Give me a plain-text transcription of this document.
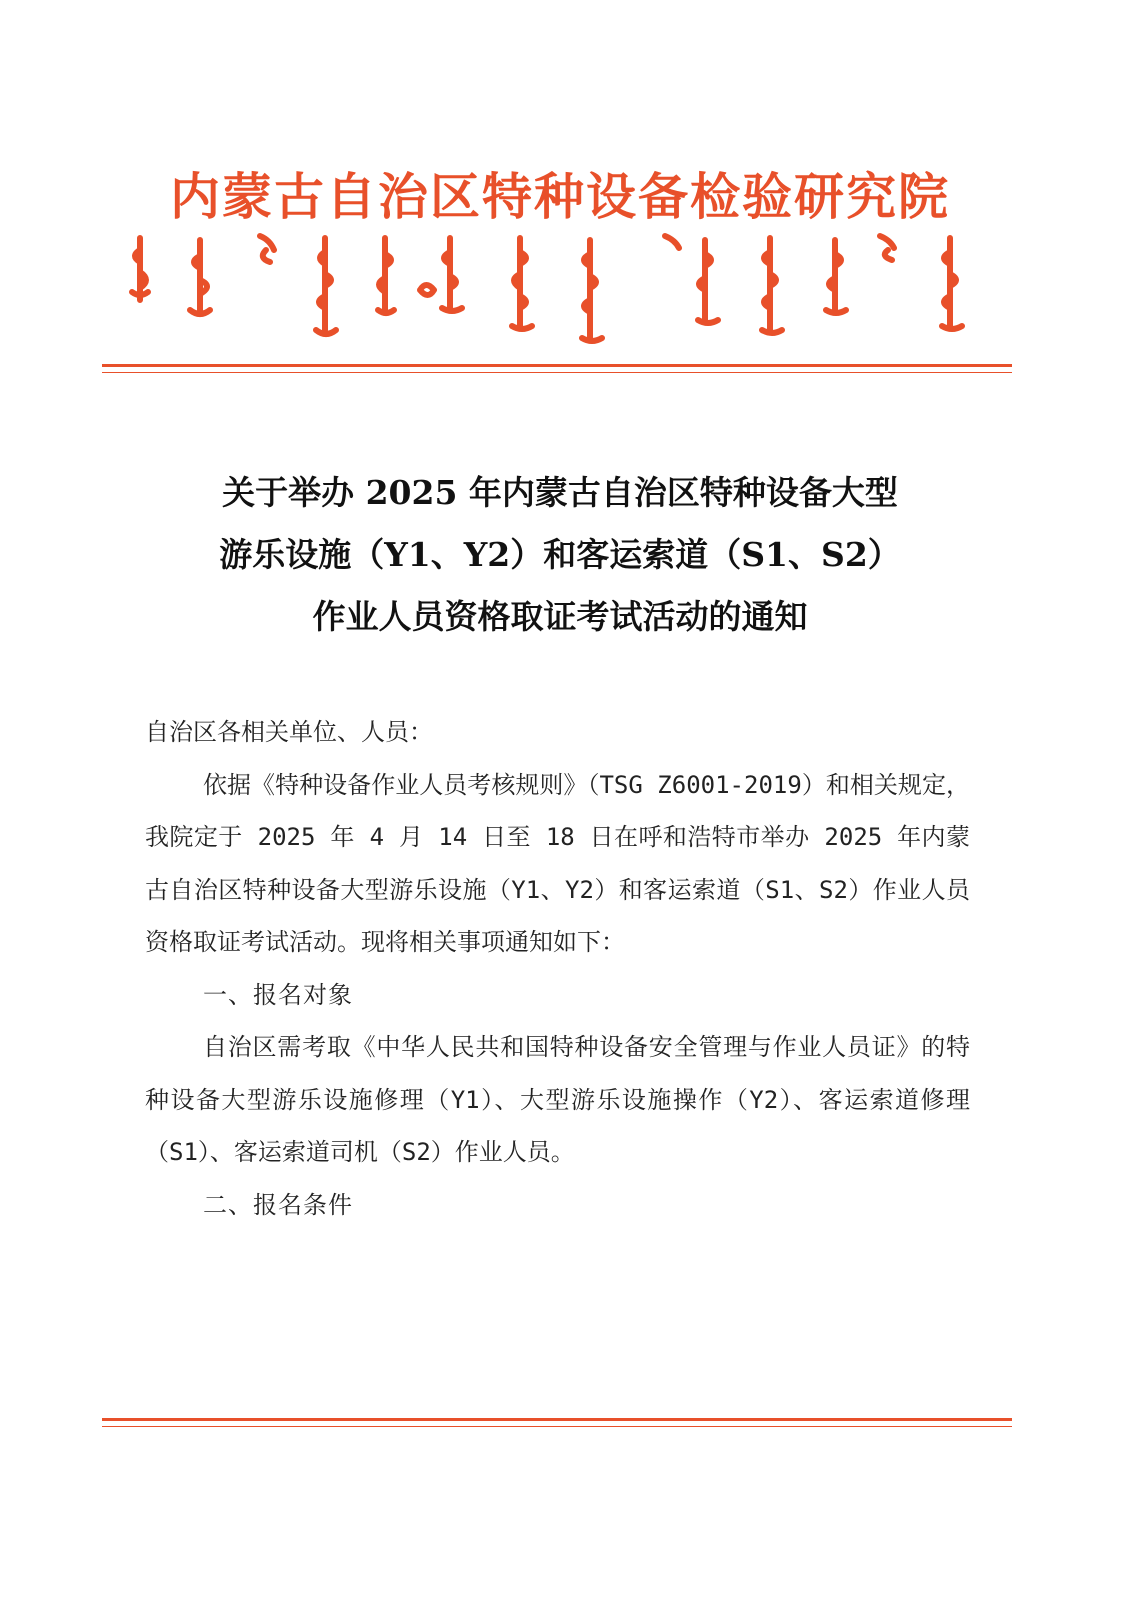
内蒙古自治区特种设备检验研究院
关于举办 2025 年内蒙古自治区特种设备大型
游乐设施（Y1、Y2）和客运索道（S1、S2）
作业人员资格取证考试活动的通知

自治区各相关单位、人员：

依据《特种设备作业人员考核规则》（TSG Z6001-2019）和相关规定，我院定于 2025 年 4 月 14 日至 18 日在呼和浩特市举办 2025 年内蒙古自治区特种设备大型游乐设施（Y1、Y2）和客运索道（S1、S2）作业人员资格取证考试活动。现将相关事项通知如下：

一、报名对象

自治区需考取《中华人民共和国特种设备安全管理与作业人员证》的特种设备大型游乐设施修理（Y1）、大型游乐设施操作（Y2）、客运索道修理（S1）、客运索道司机（S2）作业人员。

二、报名条件
